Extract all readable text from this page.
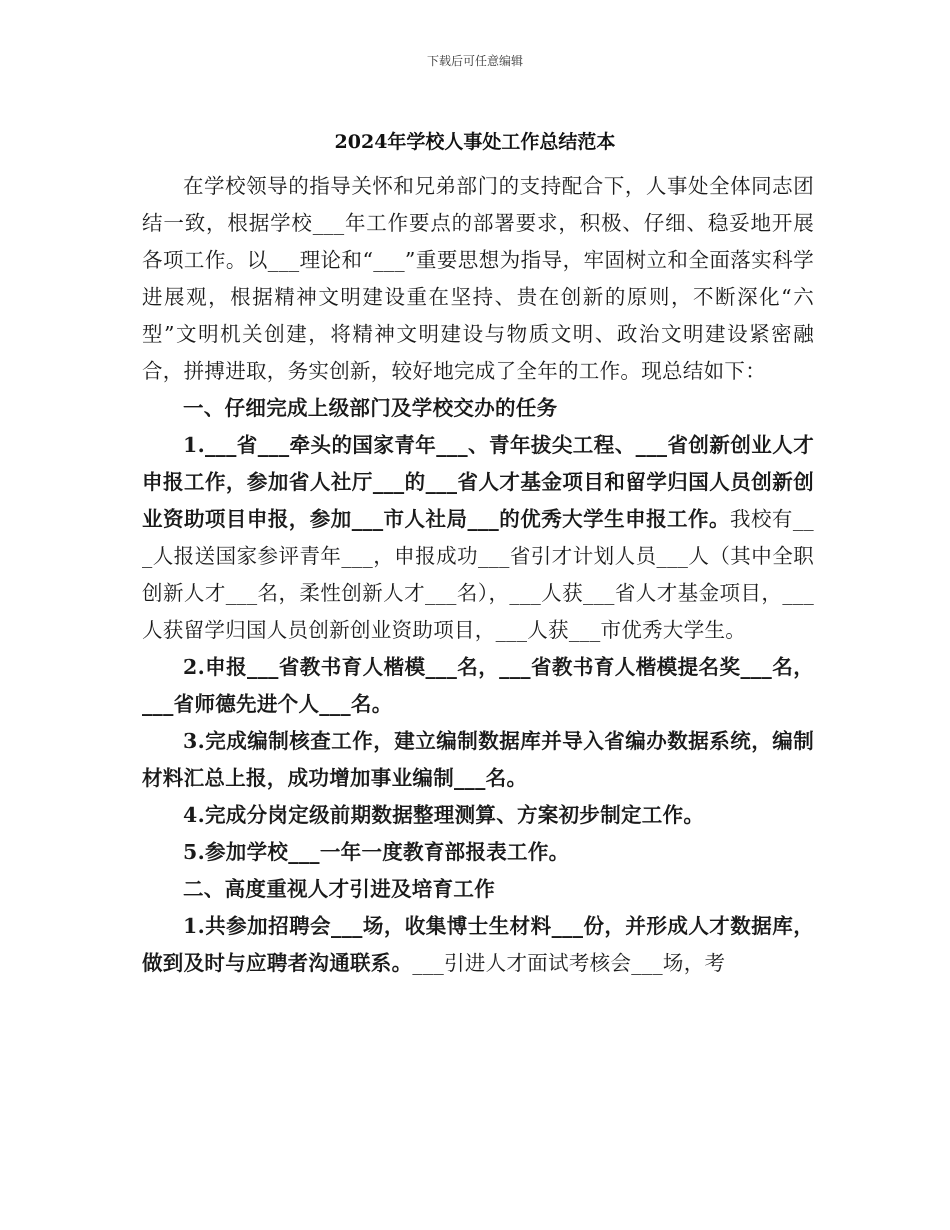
下载后可任意编辑
2024年学校人事处工作总结范本

在学校领导的指导关怀和兄弟部门的支持配合下，人事处全体同志团结一致，根据学校___年工作要点的部署要求，积极、仔细、稳妥地开展各项工作。以___理论和“___”重要思想为指导，牢固树立和全面落实科学进展观，根据精神文明建设重在坚持、贵在创新的原则，不断深化“六型”文明机关创建，将精神文明建设与物质文明、政治文明建设紧密融合，拼搏进取，务实创新，较好地完成了全年的工作。现总结如下：

一、仔细完成上级部门及学校交办的任务

1.___省___牵头的国家青年___、青年拔尖工程、___省创新创业人才申报工作，参加省人社厅___的___省人才基金项目和留学归国人员创新创业资助项目申报，参加___市人社局___的优秀大学生申报工作。我校有___人报送国家参评青年___，申报成功___省引才计划人员___人（其中全职创新人才___名，柔性创新人才___名），___人获___省人才基金项目，___人获留学归国人员创新创业资助项目，___人获___市优秀大学生。

2.申报___省教书育人楷模___名，___省教书育人楷模提名奖___名，___省师德先进个人___名。

3.完成编制核查工作，建立编制数据库并导入省编办数据系统，编制材料汇总上报，成功增加事业编制___名。

4.完成分岗定级前期数据整理测算、方案初步制定工作。

5.参加学校___一年一度教育部报表工作。

二、高度重视人才引进及培育工作

1.共参加招聘会___场，收集博士生材料___份，并形成人才数据库，做到及时与应聘者沟通联系。___引进人才面试考核会___场，考
